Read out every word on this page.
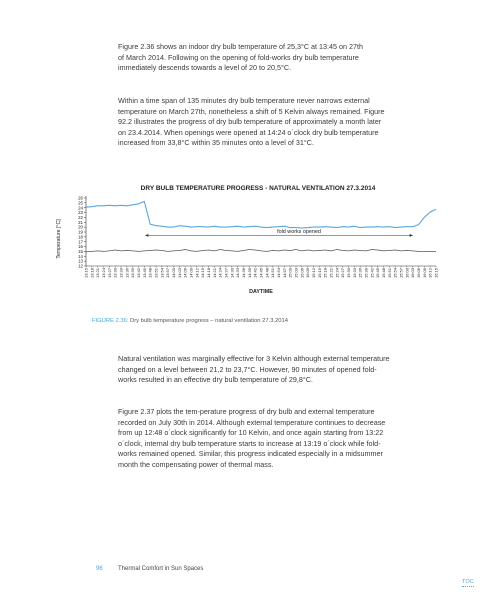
Figure 2.36 shows an indoor dry bulb temperature of 25,3°C at 13:45 on 27th
of March 2014. Following on the opening of fold-works dry bulb temperature
immediately descends towards a level of 20 to 20,5°C.
Within a time span of 135 minutes dry bulb temperature never narrows external
temperature on March 27th, nonetheless a shift of 5 Kelvin always remained. Figure
92.2 illustrates the progress of dry bulb temperature of approximately a month later
on 23.4.2014. When openings were opened at 14:24 o´clock dry bulb temperature
increased from 33,8°C within 35 minutes onto a level of 31°C.
DRY BULB TEMPERATURE PROGRESS - NATURAL VENTILATION 27.3.2014
Temperature [°C]
DAYTIME
12
13
14
15
16
17
18
19
20
21
22
23
24
25
26
13:15 13:18 13:21 13:24 13:27 13:30 13:33 13:36 13:39 13:42 13:45 13:48 13:51 13:54 13:57 14:00 14:03 14:06 14:09 14:12 14:15 14:18 14:21 14:24 14:27 14:30 14:33 14:36 14:39 14:42 14:45 14:48 14:51 14:54 14:57 15:00 15:03 15:06 15:09 15:12 15:15 15:18 15:21 15:24 15:27 15:30 15:33 15:36 15:39 15:42 15:45 15:48 15:51 15:54 15:57 16:00 16:03 16:06 16:09 16:12 16:15
fold works opened
FIGURE 2.36: Dry bulb temperature progress – natural ventilation 27.3.2014
Natural ventilation was marginally effective for 3 Kelvin although external temperature
changed on a level between 21,2 to 23,7°C. However, 90 minutes of opened fold-
works resulted in an effective dry bulb temperature of 29,8°C.
Figure 2.37 plots the tem-perature progress of dry bulb and external temperature
recorded on July 30th in 2014. Although external temperature continues to decrease
from up 12:48 o´clock significantly for 10 Kelvin, and once again starting from 13:22
o´clock, internal dry bulb temperature starts to increase at 13:19 o´clock while fold-
works remained opened. Similar, this progress indicated especially in a midsummer
month the compensating power of thermal mass.
96	Thermal Comfort in Sun Spaces
TOC
